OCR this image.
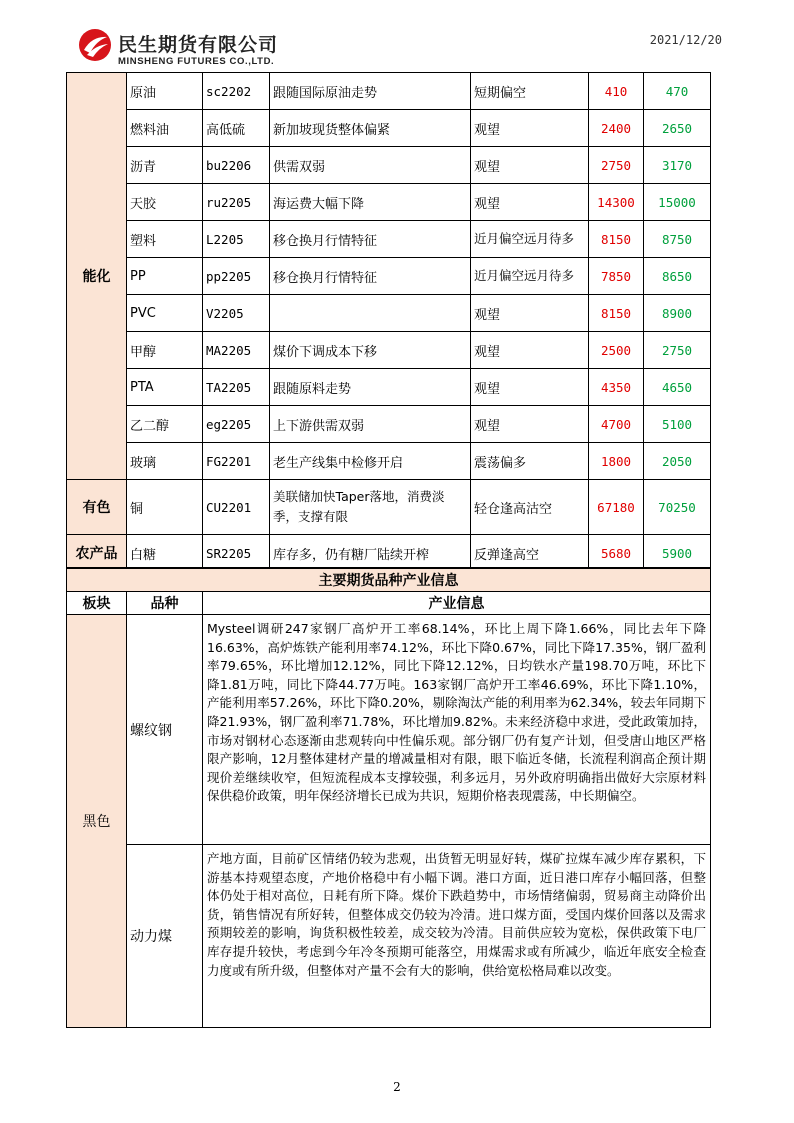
民生期货有限公司
MINSHENG FUTURES CO.,LTD.
2021/12/20
能化	原油	sc2202	跟随国际原油走势	短期偏空	410	470
	燃料油	高低硫	新加坡现货整体偏紧	观望	2400	2650
	沥青	bu2206	供需双弱	观望	2750	3170
	天胶	ru2205	海运费大幅下降	观望	14300	15000
	塑料	L2205	移仓换月行情特征	近月偏空远月待多	8150	8750
	PP	pp2205	移仓换月行情特征	近月偏空远月待多	7850	8650
	PVC	V2205		观望	8150	8900
	甲醇	MA2205	煤价下调成本下移	观望	2500	2750
	PTA	TA2205	跟随原料走势	观望	4350	4650
	乙二醇	eg2205	上下游供需双弱	观望	4700	5100
	玻璃	FG2201	老生产线集中检修开启	震荡偏多	1800	2050
有色	铜	CU2201	美联储加快Taper落地，消费淡季，支撑有限	轻仓逢高沽空	67180	70250
农产品	白糖	SR2205	库存多，仍有糖厂陆续开榨	反弹逢高空	5680	5900
主要期货品种产业信息		
板块	品种	产业信息
黑色	螺纹钢	Mysteel调研247家钢厂高炉开工率68.14%，环比上周下降1.66%，同比去年下降16.63%，高炉炼铁产能利用率74.12%，环比下降0.67%，同比下降17.35%，钢厂盈利率79.65%，环比增加12.12%，同比下降12.12%，日均铁水产量198.70万吨，环比下降1.81万吨，同比下降44.77万吨。163家钢厂高炉开工率46.69%，环比下降1.10%，产能利用率57.26%，环比下降0.20%，剔除淘汰产能的利用率为62.34%，较去年同期下降21.93%，钢厂盈利率71.78%，环比增加9.82%。未来经济稳中求进，受此政策加持，市场对钢材心态逐渐由悲观转向中性偏乐观。部分钢厂仍有复产计划，但受唐山地区严格限产影响，12月整体建材产量的增减量相对有限，眼下临近冬储，长流程利润高企预计期现价差继续收窄，但短流程成本支撑较强，利多远月，另外政府明确指出做好大宗原材料保供稳价政策，明年保经济增长已成为共识，短期价格表现震荡，中长期偏空。
	动力煤	产地方面，目前矿区情绪仍较为悲观，出货暂无明显好转，煤矿拉煤车减少库存累积，下游基本持观望态度，产地价格稳中有小幅下调。港口方面，近日港口库存小幅回落，但整体仍处于相对高位，日耗有所下降。煤价下跌趋势中，市场情绪偏弱，贸易商主动降价出货，销售情况有所好转，但整体成交仍较为冷清。进口煤方面，受国内煤价回落以及需求预期较差的影响，询货积极性较差，成交较为冷清。目前供应较为宽松，保供政策下电厂库存提升较快，考虑到今年冷冬预期可能落空，用煤需求或有所减少，临近年底安全检查力度或有所升级，但整体对产量不会有大的影响，供给宽松格局难以改变。
2
